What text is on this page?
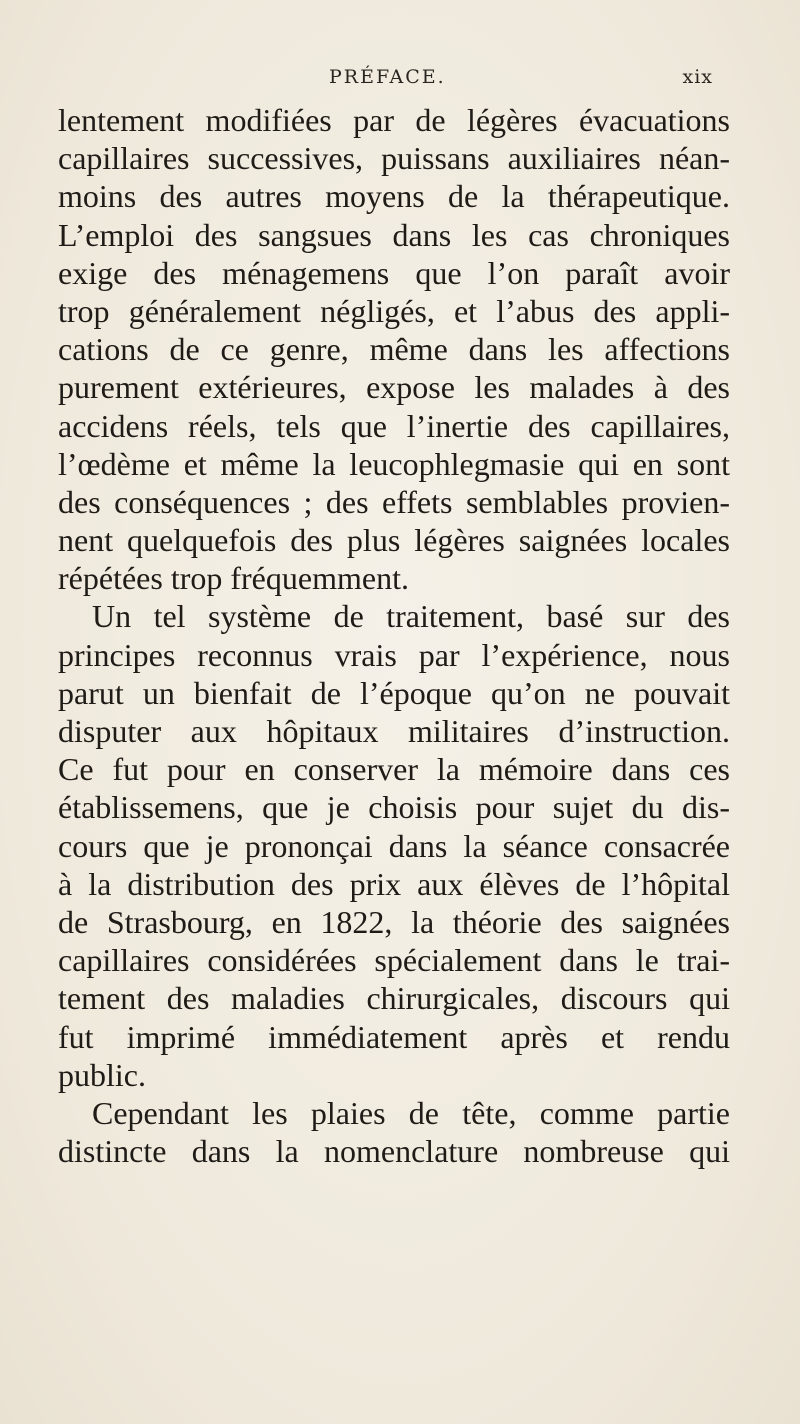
PRÉFACE.	xix
lentement modifiées par de légères évacuations
capillaires successives, puissans auxiliaires néan-
moins des autres moyens de la thérapeutique.
L’emploi des sangsues dans les cas chroniques
exige des ménagemens que l’on paraît avoir
trop généralement négligés, et l’abus des appli-
cations de ce genre, même dans les affections
purement extérieures, expose les malades à des
accidens réels, tels que l’inertie des capillaires,
l’œdème et même la leucophlegmasie qui en sont
des conséquences ; des effets semblables provien-
nent quelquefois des plus légères saignées locales
répétées trop fréquemment.
Un tel système de traitement, basé sur des
principes reconnus vrais par l’expérience, nous
parut un bienfait de l’époque qu’on ne pouvait
disputer aux hôpitaux militaires d’instruction.
Ce fut pour en conserver la mémoire dans ces
établissemens, que je choisis pour sujet du dis-
cours que je prononçai dans la séance consacrée
à la distribution des prix aux élèves de l’hôpital
de Strasbourg, en 1822, la théorie des saignées
capillaires considérées spécialement dans le trai-
tement des maladies chirurgicales, discours qui
fut imprimé immédiatement après et rendu
public.
Cependant les plaies de tête, comme partie
distincte dans la nomenclature nombreuse qui
